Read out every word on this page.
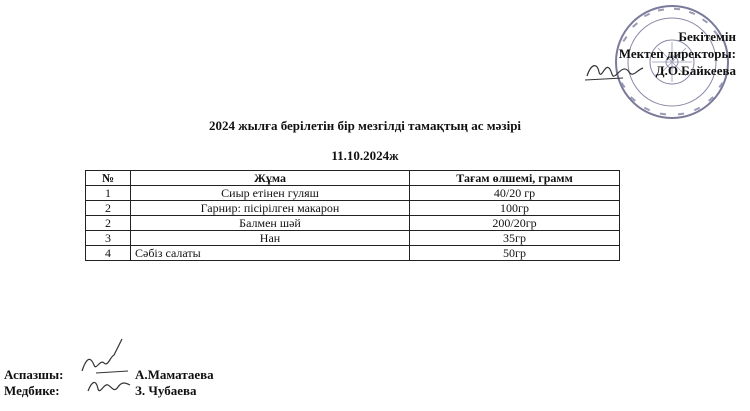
Бекітемін
Мектеп директоры:
Д.О.Байкеева
2024 жылға берілетін бір мезгілді тамақтың ас мәзірі
11.10.2024ж
№	Жұма	Тағам өлшемі, грамм
1	Сиыр етінен гуляш	40/20 гр
2	Гарнир: пісірілген макарон	100гр
2	Балмен шәй	200/20гр
3	Нан	35гр
4	Сәбіз салаты	50гр
Аспазшы:	А.Маматаева
Медбике:	З. Чубаева
